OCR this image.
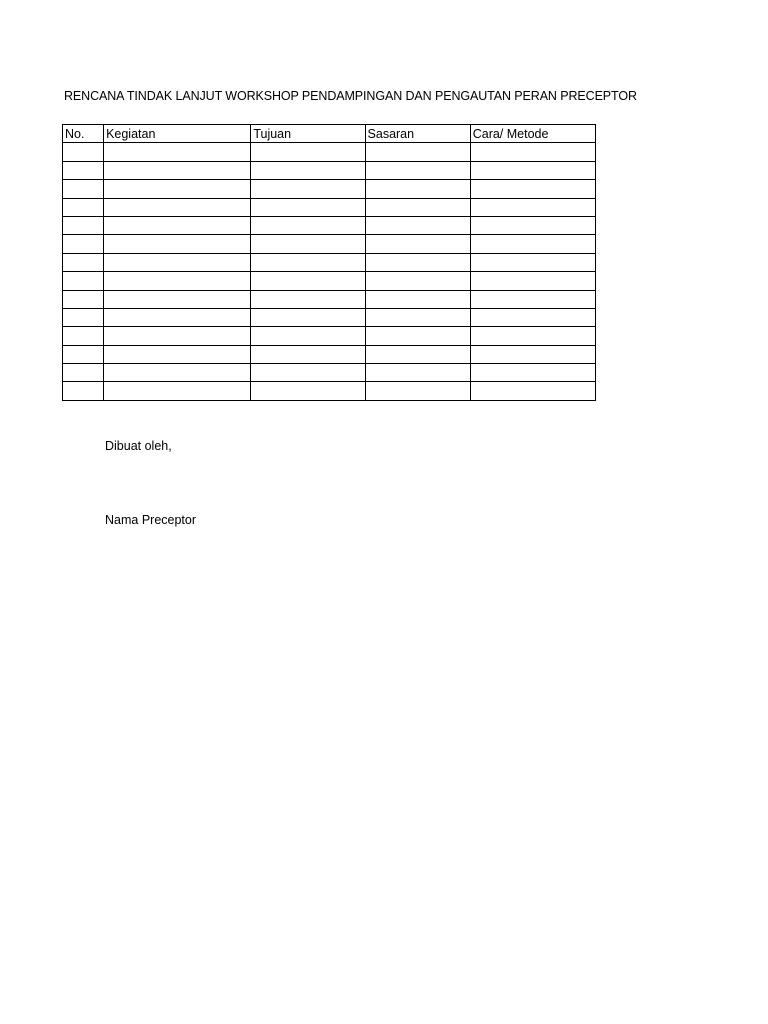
RENCANA TINDAK LANJUT WORKSHOP PENDAMPINGAN DAN PENGAUTAN PERAN PRECEPTOR
No.	Kegiatan	Tujuan	Sasaran	Cara/ Metode

Dibuat oleh,
Nama Preceptor
